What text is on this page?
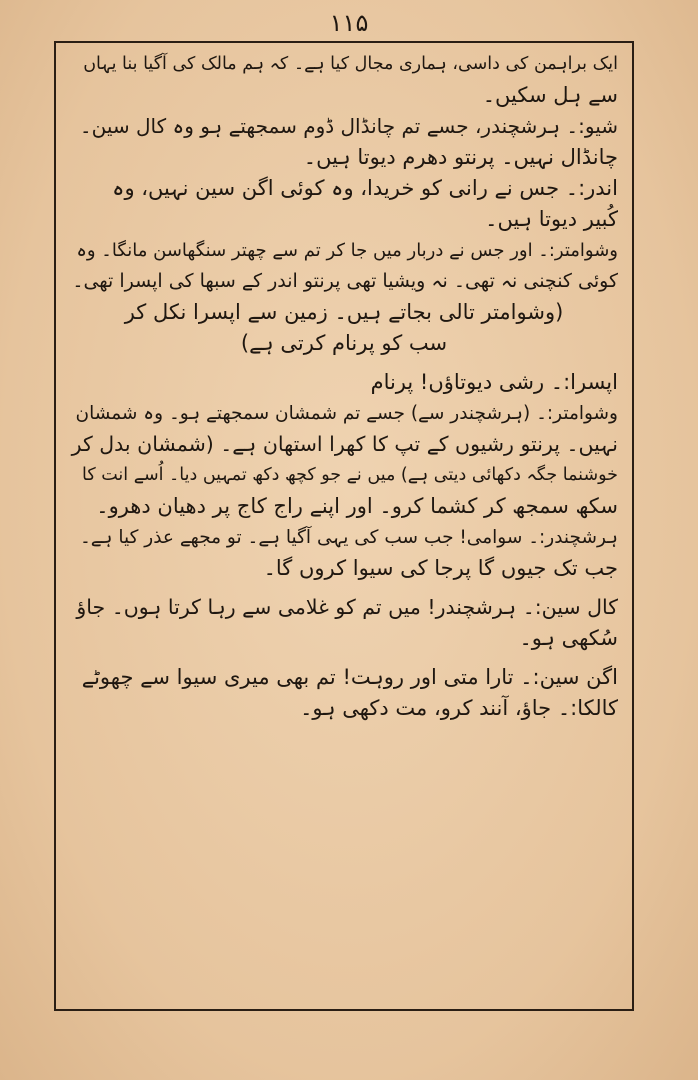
۱۱۵
ایک براہمن کی داسی، ہماری مجال کیا ہے۔ کہ ہم مالک کی آگیا بنا یہاں
سے ہل سکیں۔
شیو:۔ ہرشچندر، جسے تم چانڈال ڈوم سمجھتے ہو وہ کال سین۔
چانڈال نہیں۔ پرنتو دھرم دیوتا ہیں۔
اندر:۔ جس نے رانی کو خریدا، وہ کوئی اگن سین نہیں، وہ
کُبیر دیوتا ہیں۔
وشوامتر:۔ اور جس نے دربار میں جا کر تم سے چھتر سنگھاسن مانگا۔ وہ
کوئی کنچنی نہ تھی۔ نہ ویشیا تھی پرنتو اندر کے سبھا کی اپسرا تھی۔
(وشوامتر تالی بجاتے ہیں۔ زمین سے اپسرا نکل کر
سب کو پرنام کرتی ہے)
اپسرا:۔ رشی دیوتاؤں! پرنام
وشوامتر:۔ (ہرشچندر سے) جسے تم شمشان سمجھتے ہو۔ وہ شمشان
نہیں۔ پرنتو رشیوں کے تپ کا کھرا استھان ہے۔ (شمشان بدل کر
خوشنما جگہ دکھائی دیتی ہے) میں نے جو کچھ دکھ تمہیں دیا۔ اُسے انت کا
سکھ سمجھ کر کشما کرو۔ اور اپنے راج کاج پر دھیان دھرو۔
ہرشچندر:۔ سوامی! جب سب کی یہی آگیا ہے۔ تو مجھے عذر کیا ہے۔
جب تک جیوں گا پرجا کی سیوا کروں گا۔
کال سین:۔ ہرشچندر! میں تم کو غلامی سے رہا کرتا ہوں۔ جاؤ
سُکھی ہو۔
اگن سین:۔ تارا متی اور روہت! تم بھی میری سیوا سے چھوٹے
کالکا:۔ جاؤ، آنند کرو، مت دکھی ہو۔
